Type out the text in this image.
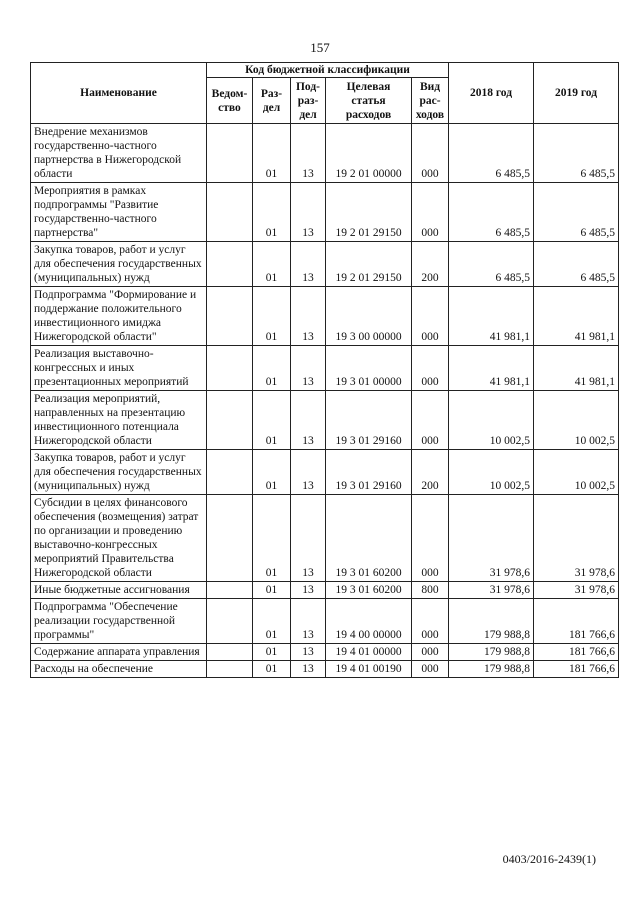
157
Наименование	Код бюджетной классификации					2018 год	2019 год
	Ведом-ство	Раз-дел	Под-раз-дел	Целевая статья расходов	Вид рас-ходов		
Внедрение механизмов государственно-частного партнерства в Нижегородской области		01	13	19 2 01 00000	000	6 485,5	6 485,5
Мероприятия в рамках подпрограммы "Развитие государственно-частного партнерства"		01	13	19 2 01 29150	000	6 485,5	6 485,5
Закупка товаров, работ и услуг для обеспечения государственных (муниципальных) нужд		01	13	19 2 01 29150	200	6 485,5	6 485,5
Подпрограмма "Формирование и поддержание положительного инвестиционного имиджа Нижегородской области"		01	13	19 3 00 00000	000	41 981,1	41 981,1
Реализация выставочно-конгрессных и иных презентационных мероприятий		01	13	19 3 01 00000	000	41 981,1	41 981,1
Реализация мероприятий, направленных на презентацию инвестиционного потенциала Нижегородской области		01	13	19 3 01 29160	000	10 002,5	10 002,5
Закупка товаров, работ и услуг для обеспечения государственных (муниципальных) нужд		01	13	19 3 01 29160	200	10 002,5	10 002,5
Субсидии в целях финансового обеспечения (возмещения) затрат по организации и проведению выставочно-конгрессных мероприятий Правительства Нижегородской области		01	13	19 3 01 60200	000	31 978,6	31 978,6
Иные бюджетные ассигнования		01	13	19 3 01 60200	800	31 978,6	31 978,6
Подпрограмма "Обеспечение реализации государственной программы"		01	13	19 4 00 00000	000	179 988,8	181 766,6
Содержание аппарата управления		01	13	19 4 01 00000	000	179 988,8	181 766,6
Расходы на обеспечение		01	13	19 4 01 00190	000	179 988,8	181 766,6
0403/2016-2439(1)
